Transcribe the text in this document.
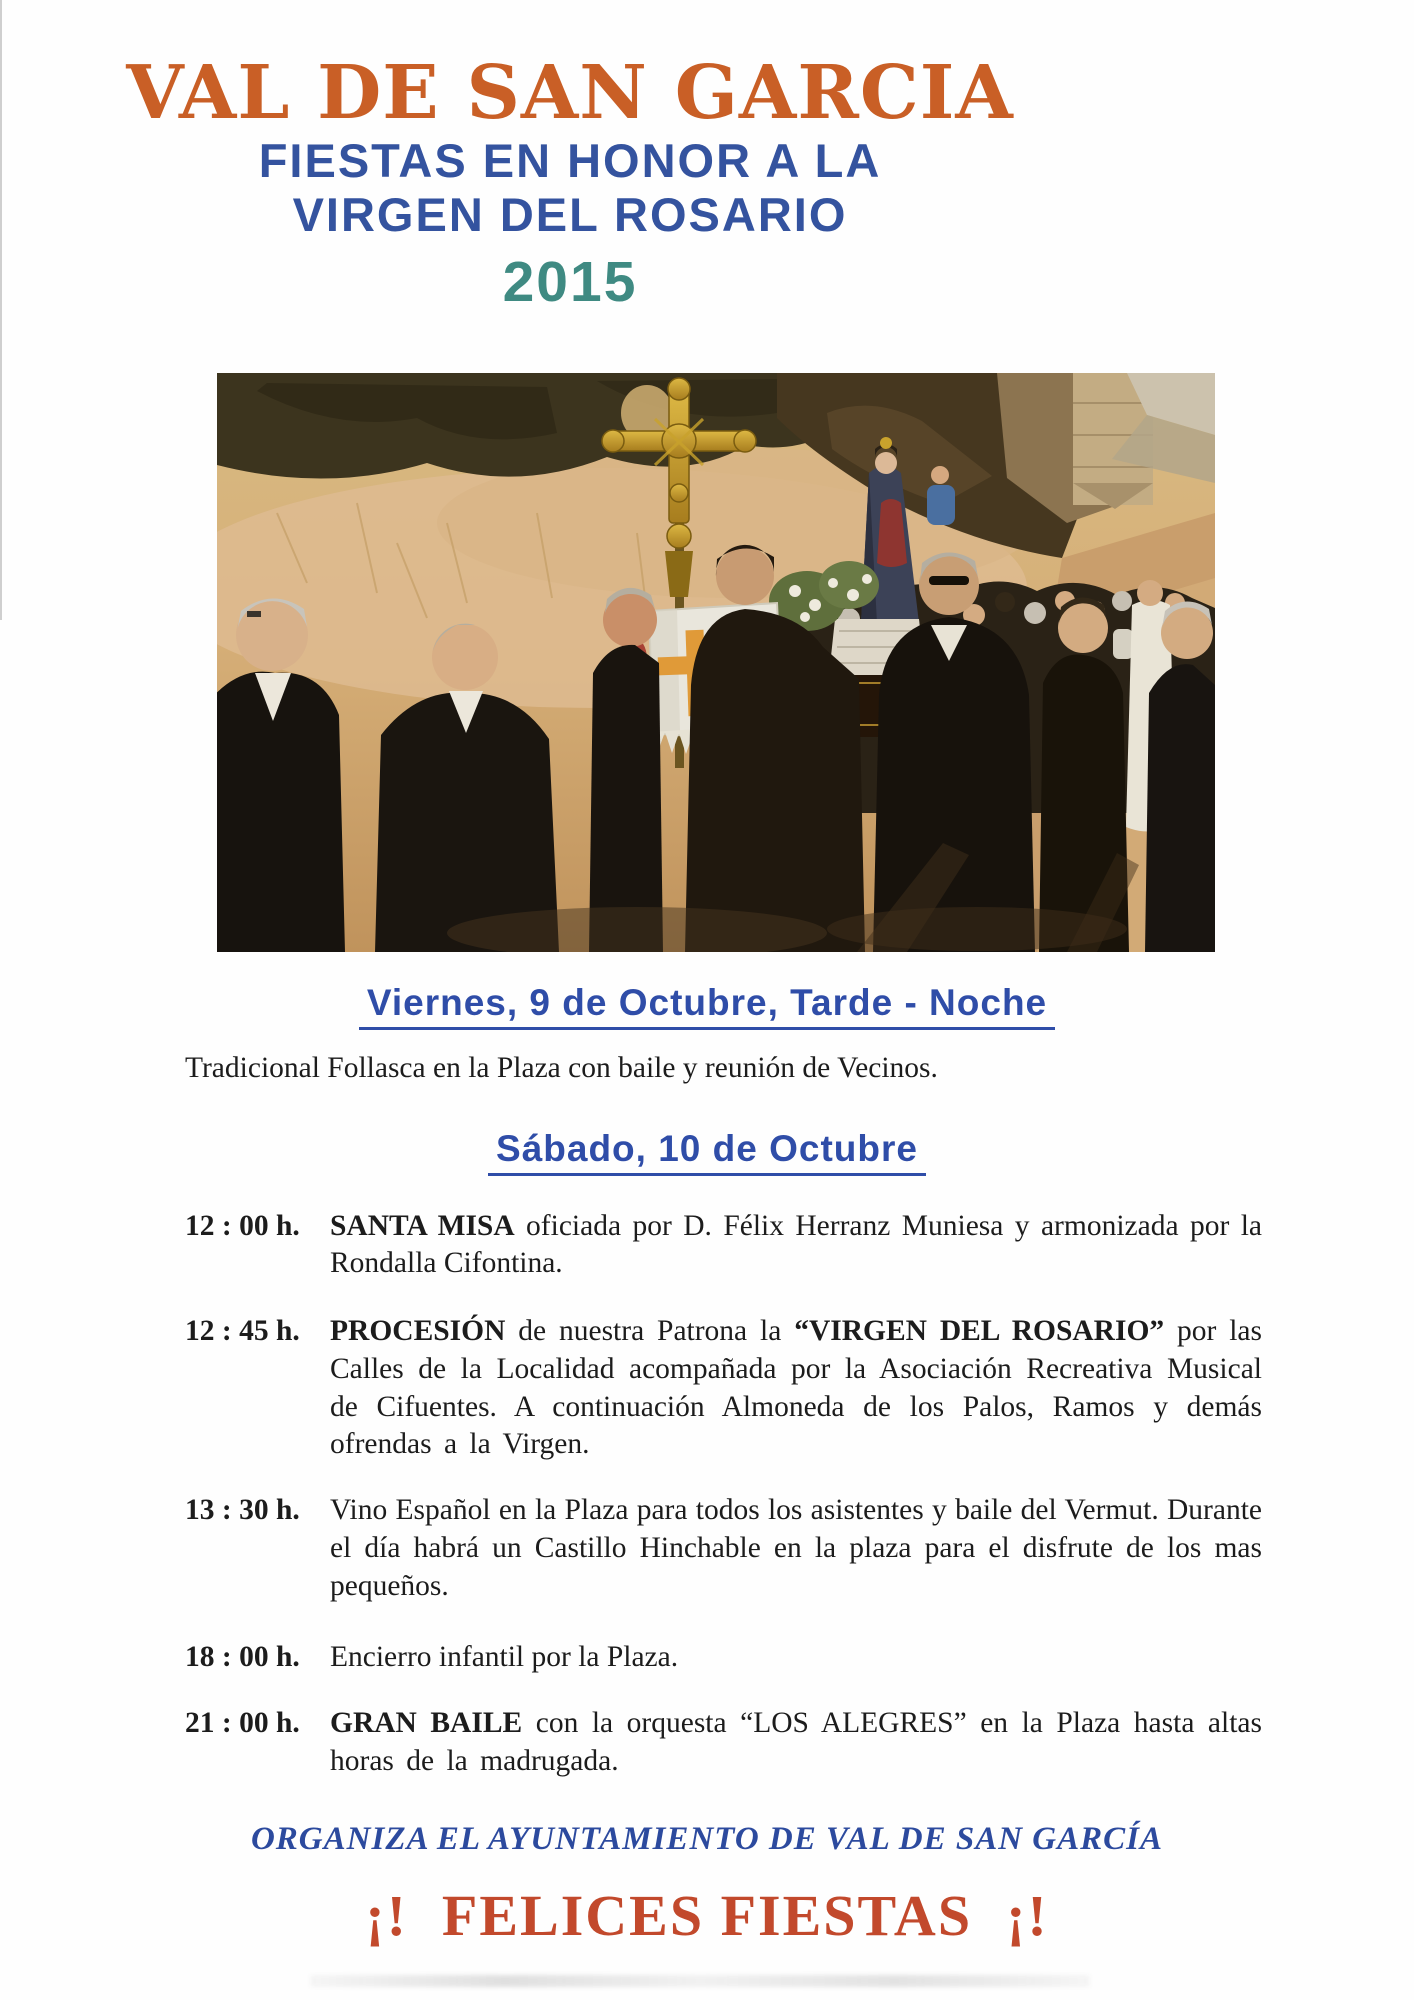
VAL DE SAN GARCIA
FIESTAS EN HONOR A LA
VIRGEN DEL ROSARIO
2015
Viernes, 9 de Octubre, Tarde - Noche
Tradicional Follasca en la Plaza con baile y reunión de Vecinos.
Sábado, 10 de Octubre
12 : 00 h.	SANTA MISA oficiada por D. Félix Herranz Muniesa y armonizada por la Rondalla Cifontina.
12 : 45 h.	PROCESIÓN de nuestra Patrona la “VIRGEN DEL ROSARIO” por las Calles de la Localidad acompañada por la Asociación Recreativa Musical de Cifuentes. A continuación Almoneda de los Palos, Ramos y demás ofrendas a la Virgen.
13 : 30 h.	Vino Español en la Plaza para todos los asistentes y baile del Vermut. Durante el día habrá un Castillo Hinchable en la plaza para el disfrute de los mas pequeños.
18 : 00 h.	Encierro infantil por la Plaza.
21 : 00 h.	GRAN BAILE con la orquesta “LOS ALEGRES” en la Plaza hasta altas horas de la madrugada.
ORGANIZA EL AYUNTAMIENTO DE VAL DE SAN GARCÍA
¡! FELICES FIESTAS ¡!
